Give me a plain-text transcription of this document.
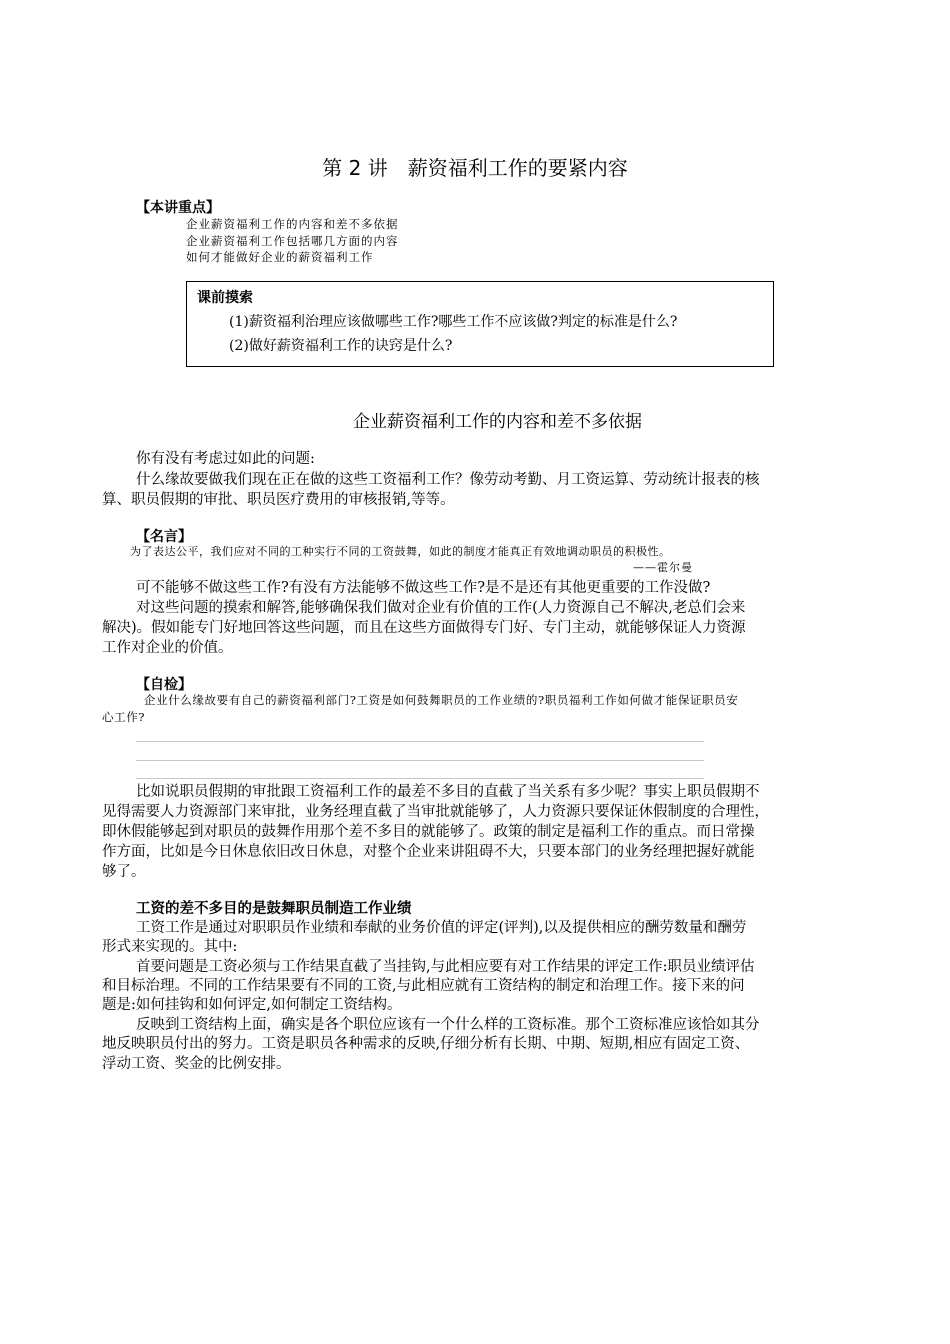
第 2 讲　薪资福利工作的要紧内容
【本讲重点】
企业薪资福利工作的内容和差不多依据
企业薪资福利工作包括哪几方面的内容
如何才能做好企业的薪资福利工作
课前摸索
(1)薪资福利治理应该做哪些工作?哪些工作不应该做?判定的标准是什么?
(2)做好薪资福利工作的诀窍是什么?
企业薪资福利工作的内容和差不多依据
你有没有考虑过如此的问题:
什么缘故要做我们现在正在做的这些工资福利工作？像劳动考勤、月工资运算、劳动统计报表的核
算、职员假期的审批、职员医疗费用的审核报销,等等。
【名言】
为了表达公平，我们应对不同的工种实行不同的工资鼓舞，如此的制度才能真正有效地调动职员的积极性。
——霍尔曼
可不能够不做这些工作?有没有方法能够不做这些工作?是不是还有其他更重要的工作没做?
对这些问题的摸索和解答,能够确保我们做对企业有价值的工作(人力资源自己不解决,老总们会来
解决)。假如能专门好地回答这些问题，而且在这些方面做得专门好、专门主动，就能够保证人力资源
工作对企业的价值。
【自检】
企业什么缘故要有自己的薪资福利部门?工资是如何鼓舞职员的工作业绩的?职员福利工作如何做才能保证职员安
心工作?
比如说职员假期的审批跟工资福利工作的最差不多目的直截了当关系有多少呢？事实上职员假期不
见得需要人力资源部门来审批，业务经理直截了当审批就能够了，人力资源只要保证休假制度的合理性，
即休假能够起到对职员的鼓舞作用那个差不多目的就能够了。政策的制定是福利工作的重点。而日常操
作方面，比如是今日休息依旧改日休息，对整个企业来讲阻碍不大，只要本部门的业务经理把握好就能
够了。
工资的差不多目的是鼓舞职员制造工作业绩
工资工作是通过对职职员作业绩和奉献的业务价值的评定(评判),以及提供相应的酬劳数量和酬劳
形式来实现的。其中:
首要问题是工资必须与工作结果直截了当挂钩,与此相应要有对工作结果的评定工作:职员业绩评估
和目标治理。不同的工作结果要有不同的工资,与此相应就有工资结构的制定和治理工作。接下来的问
题是:如何挂钩和如何评定,如何制定工资结构。
反映到工资结构上面，确实是各个职位应该有一个什么样的工资标准。那个工资标准应该恰如其分
地反映职员付出的努力。工资是职员各种需求的反映,仔细分析有长期、中期、短期,相应有固定工资、
浮动工资、奖金的比例安排。
